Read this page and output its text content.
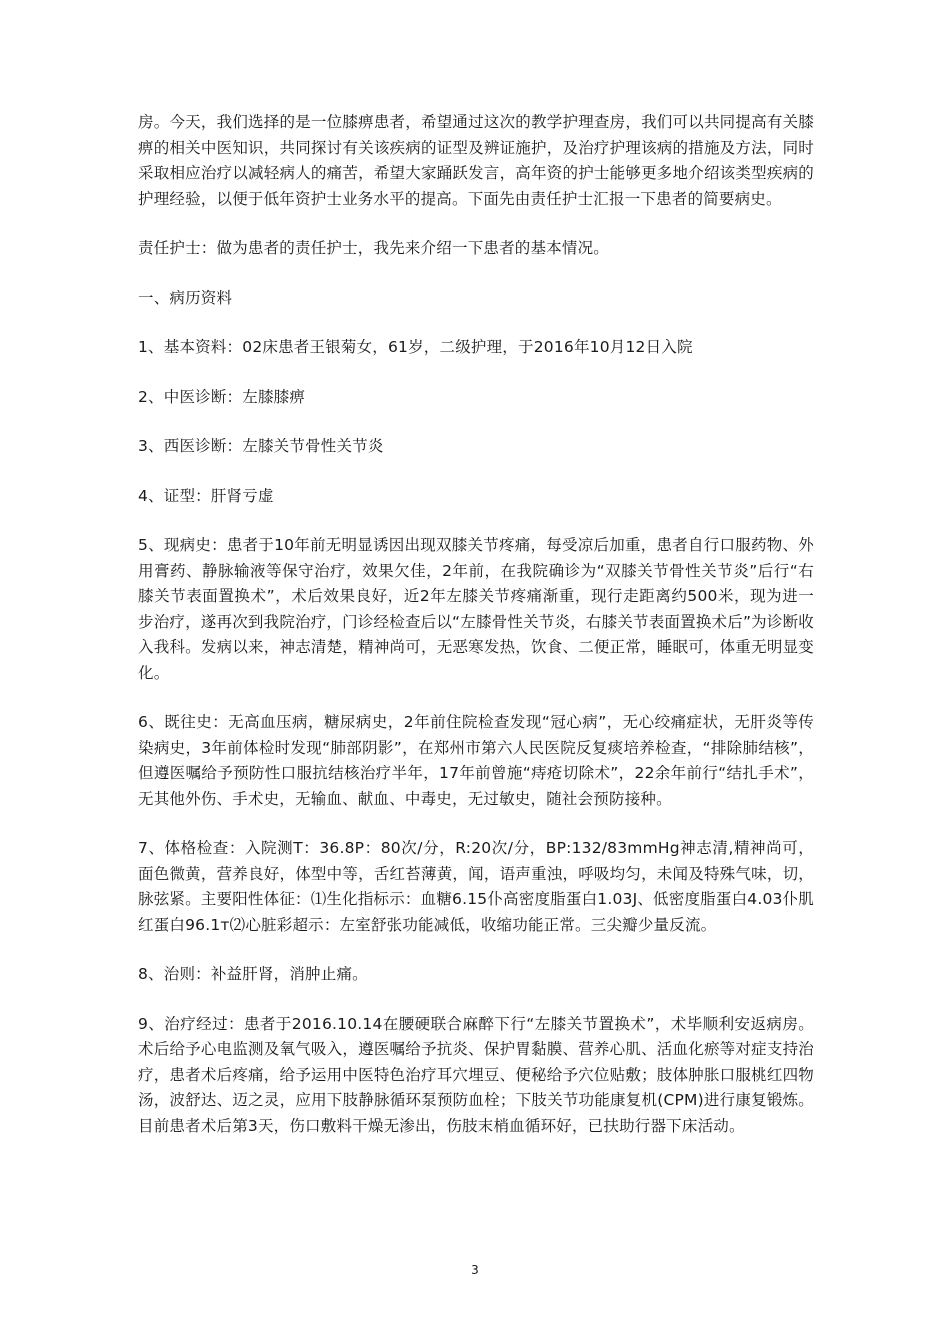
房。今天，我们选择的是一位膝痹患者，希望通过这次的教学护理查房，我们可以共同提高有关膝痹的相关中医知识，共同探讨有关该疾病的证型及辨证施护，及治疗护理该病的措施及方法，同时采取相应治疗以减轻病人的痛苦，希望大家踊跃发言，高年资的护士能够更多地介绍该类型疾病的护理经验，以便于低年资护士业务水平的提高。下面先由责任护士汇报一下患者的简要病史。

责任护士：做为患者的责任护士，我先来介绍一下患者的基本情况。

一、病历资料

1、基本资料：02床患者王银菊女，61岁，二级护理，于2016年10月12日入院

2、中医诊断：左膝膝痹

3、西医诊断：左膝关节骨性关节炎

4、证型：肝肾亏虚

5、现病史：患者于10年前无明显诱因出现双膝关节疼痛，每受凉后加重，患者自行口服药物、外用膏药、静脉输液等保守治疗，效果欠佳，2年前，在我院确诊为“双膝关节骨性关节炎”后行“右膝关节表面置换术”，术后效果良好，近2年左膝关节疼痛渐重，现行走距离约500米，现为进一步治疗，遂再次到我院治疗，门诊经检查后以“左膝骨性关节炎，右膝关节表面置换术后”为诊断收入我科。发病以来，神志清楚，精神尚可，无恶寒发热，饮食、二便正常，睡眠可，体重无明显变化。

6、既往史：无高血压病，糖尿病史，2年前住院检查发现“冠心病”，无心绞痛症状，无肝炎等传染病史，3年前体检时发现“肺部阴影”，在郑州市第六人民医院反复痰培养检查，“排除肺结核”，但遵医嘱给予预防性口服抗结核治疗半年，17年前曾施“痔疮切除术”，22余年前行“结扎手术”，无其他外伤、手术史，无输血、献血、中毒史，无过敏史，随社会预防接种。

7、体格检查：入院测T：36.8P：80次/分，R:20次/分，BP:132/83mmHg神志清,精神尚可，面色微黄，营养良好，体型中等，舌红苔薄黄，闻，语声重浊，呼吸均匀，未闻及特殊气味，切，脉弦紧。主要阳性体征：⑴生化指标示：血糖6.15仆高密度脂蛋白1.03J、低密度脂蛋白4.03仆肌红蛋白96.1т⑵心脏彩超示：左室舒张功能减低，收缩功能正常。三尖瓣少量反流。

8、治则：补益肝肾，消肿止痛。

9、治疗经过：患者于2016.10.14在腰硬联合麻醉下行“左膝关节置换术”，术毕顺利安返病房。术后给予心电监测及氧气吸入，遵医嘱给予抗炎、保护胃黏膜、营养心肌、活血化瘀等对症支持治疗，患者术后疼痛，给予运用中医特色治疗耳穴埋豆、便秘给予穴位贴敷；肢体肿胀口服桃红四物汤，波舒达、迈之灵，应用下肢静脉循环泵预防血栓；下肢关节功能康复机(CPM)进行康复锻炼。目前患者术后第3天，伤口敷料干燥无渗出，伤肢末梢血循环好，已扶助行器下床活动。

3
